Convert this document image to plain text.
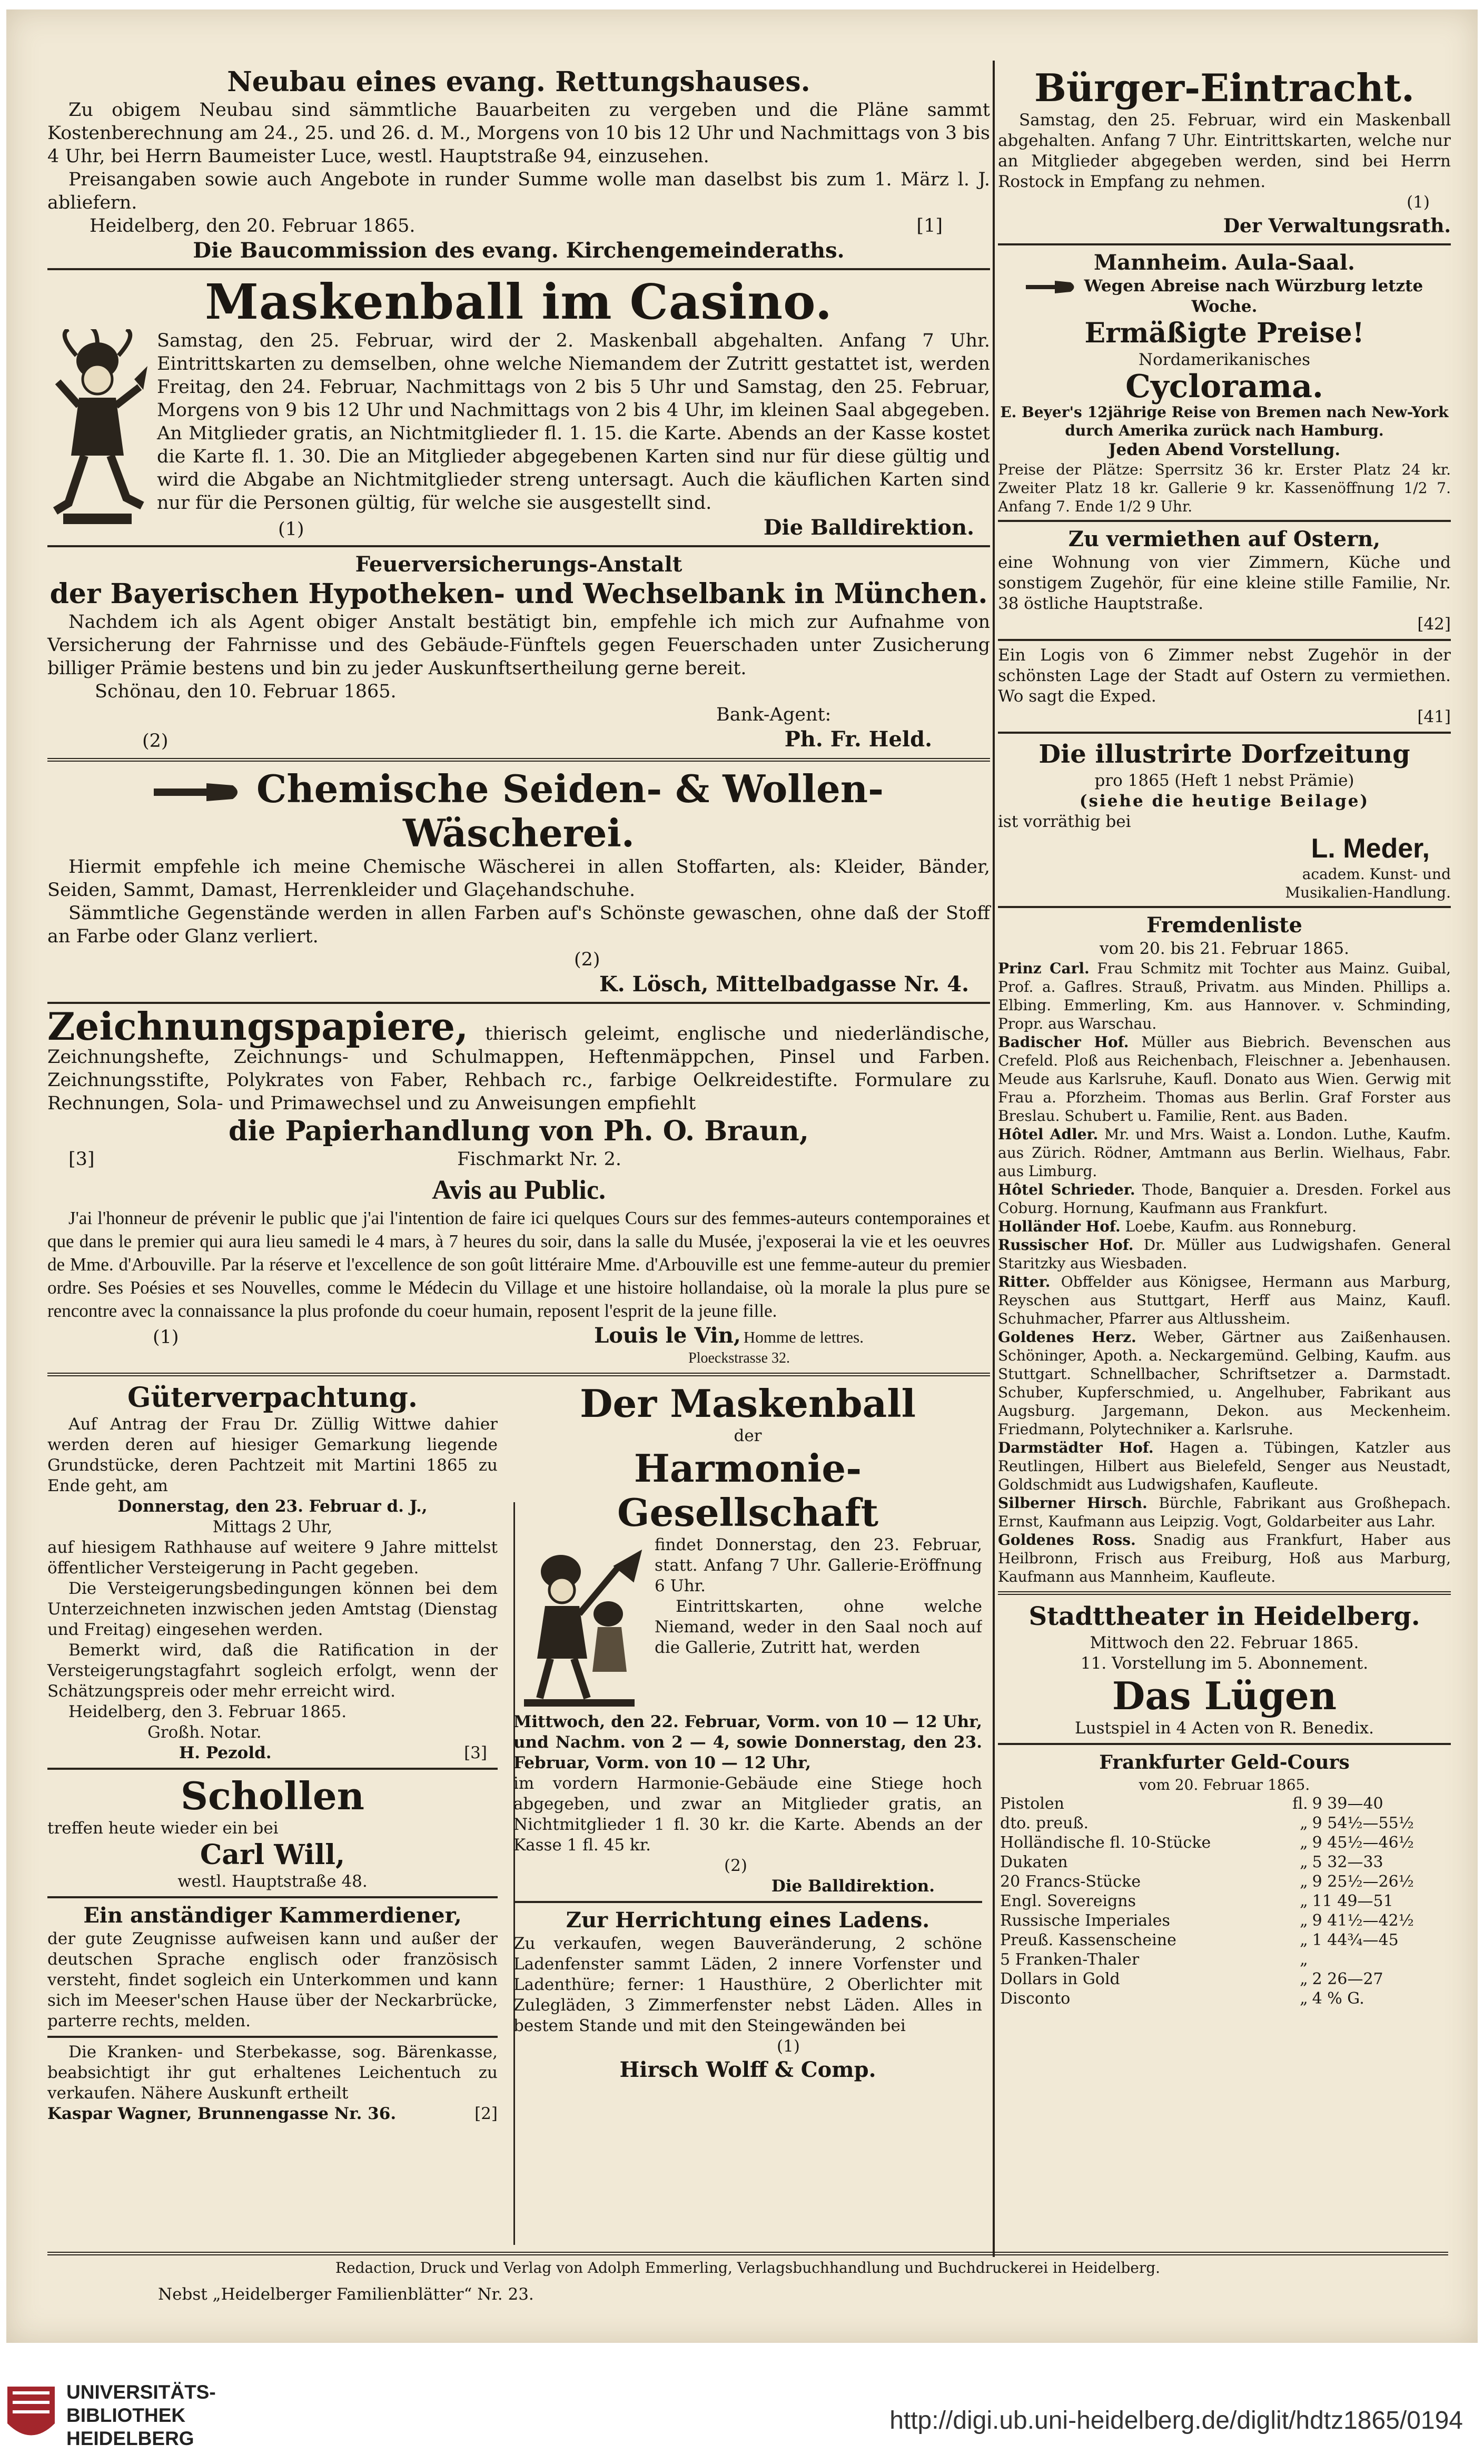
Neubau eines evang. Rettungshauses.

Zu obigem Neubau sind sämmtliche Bauarbeiten zu vergeben und die Pläne sammt Kostenberechnung am 24., 25. und 26. d. M., Morgens von 10 bis 12 Uhr und Nachmittags von 3 bis 4 Uhr, bei Herrn Baumeister Luce, westl. Hauptstraße 94, einzusehen.

Preisangaben sowie auch Angebote in runder Summe wolle man daselbst bis zum 1. März l. J. abliefern.

Heidelberg, den 20. Februar 1865.	[1]
Die Baucommission des evang. Kirchengemeinderaths.
Maskenball im Casino.

Samstag, den 25. Februar, wird der 2. Maskenball abgehalten. Anfang 7 Uhr. Eintrittskarten zu demselben, ohne welche Niemandem der Zutritt gestattet ist, werden Freitag, den 24. Februar, Nachmittags von 2 bis 5 Uhr und Samstag, den 25. Februar, Morgens von 9 bis 12 Uhr und Nachmittags von 2 bis 4 Uhr, im kleinen Saal abgegeben. An Mitglieder gratis, an Nichtmitglieder fl. 1. 15. die Karte. Abends an der Kasse kostet die Karte fl. 1. 30. Die an Mitglieder abgegebenen Karten sind nur für diese gültig und wird die Abgabe an Nichtmitglieder streng untersagt. Auch die käuflichen Karten sind nur für die Personen gültig, für welche sie ausgestellt sind.

(1)	Die Balldirektion.
Feuerversicherungs-Anstalt
der Bayerischen Hypotheken- und Wechselbank in München.

Nachdem ich als Agent obiger Anstalt bestätigt bin, empfehle ich mich zur Aufnahme von Versicherung der Fahrnisse und des Gebäude-Fünftels gegen Feuerschaden unter Zusicherung billiger Prämie bestens und bin zu jeder Auskunftsertheilung gerne bereit.

Schönau, den 10. Februar 1865.

Bank-Agent:

(2)	Ph. Fr. Held.
Chemische Seiden- & Wollen-Wäscherei.

Hiermit empfehle ich meine Chemische Wäscherei in allen Stoffarten, als: Kleider, Bänder, Seiden, Sammt, Damast, Herrenkleider und Glaçehandschuhe.

Sämmtliche Gegenstände werden in allen Farben auf's Schönste gewaschen, ohne daß der Stoff an Farbe oder Glanz verliert.

(2)
K. Lösch, Mittelbadgasse Nr. 4.

Zeichnungspapiere, thierisch geleimt, englische und niederländische, Zeichnungshefte, Zeichnungs- und Schulmappen, Heftenmäppchen, Pinsel und Farben. Zeichnungsstifte, Polykrates von Faber, Rehbach rc., farbige Oelkreidestifte. Formulare zu Rechnungen, Sola- und Primawechsel und zu Anweisungen empfiehlt

die Papierhandlung von Ph. O. Braun,
[3]	Fischmarkt Nr. 2.
Avis au Public.

J'ai l'honneur de prévenir le public que j'ai l'intention de faire ici quelques Cours sur des femmes-auteurs contemporaines et que dans le premier qui aura lieu samedi le 4 mars, à 7 heures du soir, dans la salle du Musée, j'exposerai la vie et les oeuvres de Mme. d'Arbouville. Par la réserve et l'excellence de son goût littéraire Mme. d'Arbouville est une femme-auteur du premier ordre. Ses Poésies et ses Nouvelles, comme le Médecin du Village et une histoire hollandaise, où la morale la plus pure se rencontre avec la connaissance la plus profonde du coeur humain, reposent l'esprit de la jeune fille.

(1)	Louis le Vin, Homme de lettres.
Ploeckstrasse 32.
Güterverpachtung.

Auf Antrag der Frau Dr. Züllig Wittwe dahier werden deren auf hiesiger Gemarkung liegende Grundstücke, deren Pachtzeit mit Martini 1865 zu Ende geht, am

Donnerstag, den 23. Februar d. J.,

Mittags 2 Uhr,

auf hiesigem Rathhause auf weitere 9 Jahre mittelst öffentlicher Versteigerung in Pacht gegeben.

Die Versteigerungsbedingungen können bei dem Unterzeichneten inzwischen jeden Amtstag (Dienstag und Freitag) eingesehen werden.

Bemerkt wird, daß die Ratification in der Versteigerungstagfahrt sogleich erfolgt, wenn der Schätzungspreis oder mehr erreicht wird.

Heidelberg, den 3. Februar 1865.

Großh. Notar.

H. Pezold.	[3]
Schollen

treffen heute wieder ein bei

Carl Will,
westl. Hauptstraße 48.
Ein anständiger Kammerdiener,

der gute Zeugnisse aufweisen kann und außer der deutschen Sprache englisch oder französisch versteht, findet sogleich ein Unterkommen und kann sich im Meeser'schen Hause über der Neckarbrücke, parterre rechts, melden.

Die Kranken- und Sterbekasse, sog. Bärenkasse, beabsichtigt ihr gut erhaltenes Leichentuch zu verkaufen. Nähere Auskunft ertheilt

Kaspar Wagner, Brunnengasse Nr. 36.	[2]
Der Maskenball
der
Harmonie-Gesellschaft

findet Donnerstag, den 23. Februar, statt. Anfang 7 Uhr. Gallerie-Eröffnung 6 Uhr.

Eintrittskarten, ohne welche Niemand, weder in den Saal noch auf die Gallerie, Zutritt hat, werden

Mittwoch, den 22. Februar, Vorm. von 10 — 12 Uhr, und Nachm. von 2 — 4, sowie Donnerstag, den 23. Februar, Vorm. von 10 — 12 Uhr,

im vordern Harmonie-Gebäude eine Stiege hoch abgegeben, und zwar an Mitglieder gratis, an Nichtmitglieder 1 fl. 30 kr. die Karte. Abends an der Kasse 1 fl. 45 kr.

(2)
Die Balldirektion.
Zur Herrichtung eines Ladens.

Zu verkaufen, wegen Bauveränderung, 2 schöne Ladenfenster sammt Läden, 2 innere Vorfenster und Ladenthüre; ferner: 1 Hausthüre, 2 Oberlichter mit Zulegläden, 3 Zimmerfenster nebst Läden. Alles in bestem Stande und mit den Steingewänden bei

(1)
Hirsch Wolff & Comp.

Redaction, Druck und Verlag von Adolph Emmerling, Verlagsbuchhandlung und Buchdruckerei in Heidelberg.

Nebst „Heidelberger Familienblätter“ Nr. 23.

Bürger-Eintracht.

Samstag, den 25. Februar, wird ein Maskenball abgehalten. Anfang 7 Uhr. Eintrittskarten, welche nur an Mitglieder abgegeben werden, sind bei Herrn Rostock in Empfang zu nehmen.

(1)
Der Verwaltungsrath.
Mannheim. Aula-Saal.
Wegen Abreise nach Würzburg letzte Woche.
Ermäßigte Preise!
Nordamerikanisches
Cyclorama.

E. Beyer's 12jährige Reise von Bremen nach New-York durch Amerika zurück nach Hamburg.

Jeden Abend Vorstellung.

Preise der Plätze: Sperrsitz 36 kr. Erster Platz 24 kr. Zweiter Platz 18 kr. Gallerie 9 kr. Kassenöffnung 1/2 7. Anfang 7. Ende 1/2 9 Uhr.

Zu vermiethen auf Ostern,

eine Wohnung von vier Zimmern, Küche und sonstigem Zugehör, für eine kleine stille Familie, Nr. 38 östliche Hauptstraße.

[42]

Ein Logis von 6 Zimmer nebst Zugehör in der schönsten Lage der Stadt auf Ostern zu vermiethen. Wo sagt die Exped.

[41]
Die illustrirte Dorfzeitung
pro 1865 (Heft 1 nebst Prämie)
(siehe die heutige Beilage)
ist vorräthig bei
L. Meder,
academ. Kunst- und Musikalien-Handlung.
Fremdenliste
vom 20. bis 21. Februar 1865.

Prinz Carl. Frau Schmitz mit Tochter aus Mainz. Guibal, Prof. a. Gaflres. Strauß, Privatm. aus Minden. Phillips a. Elbing. Emmerling, Km. aus Hannover. v. Schminding, Propr. aus Warschau.

Badischer Hof. Müller aus Biebrich. Bevenschen aus Crefeld. Ploß aus Reichenbach, Fleischner a. Jebenhausen. Meude aus Karlsruhe, Kaufl. Donato aus Wien. Gerwig mit Frau a. Pforzheim. Thomas aus Berlin. Graf Forster aus Breslau. Schubert u. Familie, Rent. aus Baden.

Hôtel Adler. Mr. und Mrs. Waist a. London. Luthe, Kaufm. aus Zürich. Rödner, Amtmann aus Berlin. Wielhaus, Fabr. aus Limburg.

Hôtel Schrieder. Thode, Banquier a. Dresden. Forkel aus Coburg. Hornung, Kaufmann aus Frankfurt.

Holländer Hof. Loebe, Kaufm. aus Ronneburg.

Russischer Hof. Dr. Müller aus Ludwigshafen. General Staritzky aus Wiesbaden.

Ritter. Obffelder aus Königsee, Hermann aus Marburg, Reyschen aus Stuttgart, Herff aus Mainz, Kaufl. Schuhmacher, Pfarrer aus Altlussheim.

Goldenes Herz. Weber, Gärtner aus Zaißenhausen. Schöninger, Apoth. a. Neckargemünd. Gelbing, Kaufm. aus Stuttgart. Schnellbacher, Schriftsetzer a. Darmstadt. Schuber, Kupferschmied, u. Angelhuber, Fabrikant aus Augsburg. Jargemann, Dekon. aus Meckenheim. Friedmann, Polytechniker a. Karlsruhe.

Darmstädter Hof. Hagen a. Tübingen, Katzler aus Reutlingen, Hilbert aus Bielefeld, Senger aus Neustadt, Goldschmidt aus Ludwigshafen, Kaufleute.

Silberner Hirsch. Bürchle, Fabrikant aus Großhepach. Ernst, Kaufmann aus Leipzig. Vogt, Goldarbeiter aus Lahr.

Goldenes Ross. Snadig aus Frankfurt, Haber aus Heilbronn, Frisch aus Freiburg, Hoß aus Marburg, Kaufmann aus Mannheim, Kaufleute.

Stadttheater in Heidelberg.
Mittwoch den 22. Februar 1865.
11. Vorstellung im 5. Abonnement.
Das Lügen
Lustspiel in 4 Acten von R. Benedix.
Frankfurter Geld-Cours
vom 20. Februar 1865.
Pistolen	fl.	9 39—40
dto. preuß.	„	9 54½—55½
Holländische fl. 10-Stücke	„	9 45½—46½
Dukaten	„	5 32—33
20 Francs-Stücke	„	9 25½—26½
Engl. Sovereigns	„	11 49—51
Russische Imperiales	„	9 41½—42½
Preuß. Kassenscheine	„	1 44¾—45
5 Franken-Thaler	„	
Dollars in Gold	„	2 26—27
Disconto	„	4 % G.
UNIVERSITÄTS-
BIBLIOTHEK
HEIDELBERG
http://digi.ub.uni-heidelberg.de/diglit/hdtz1865/0194
